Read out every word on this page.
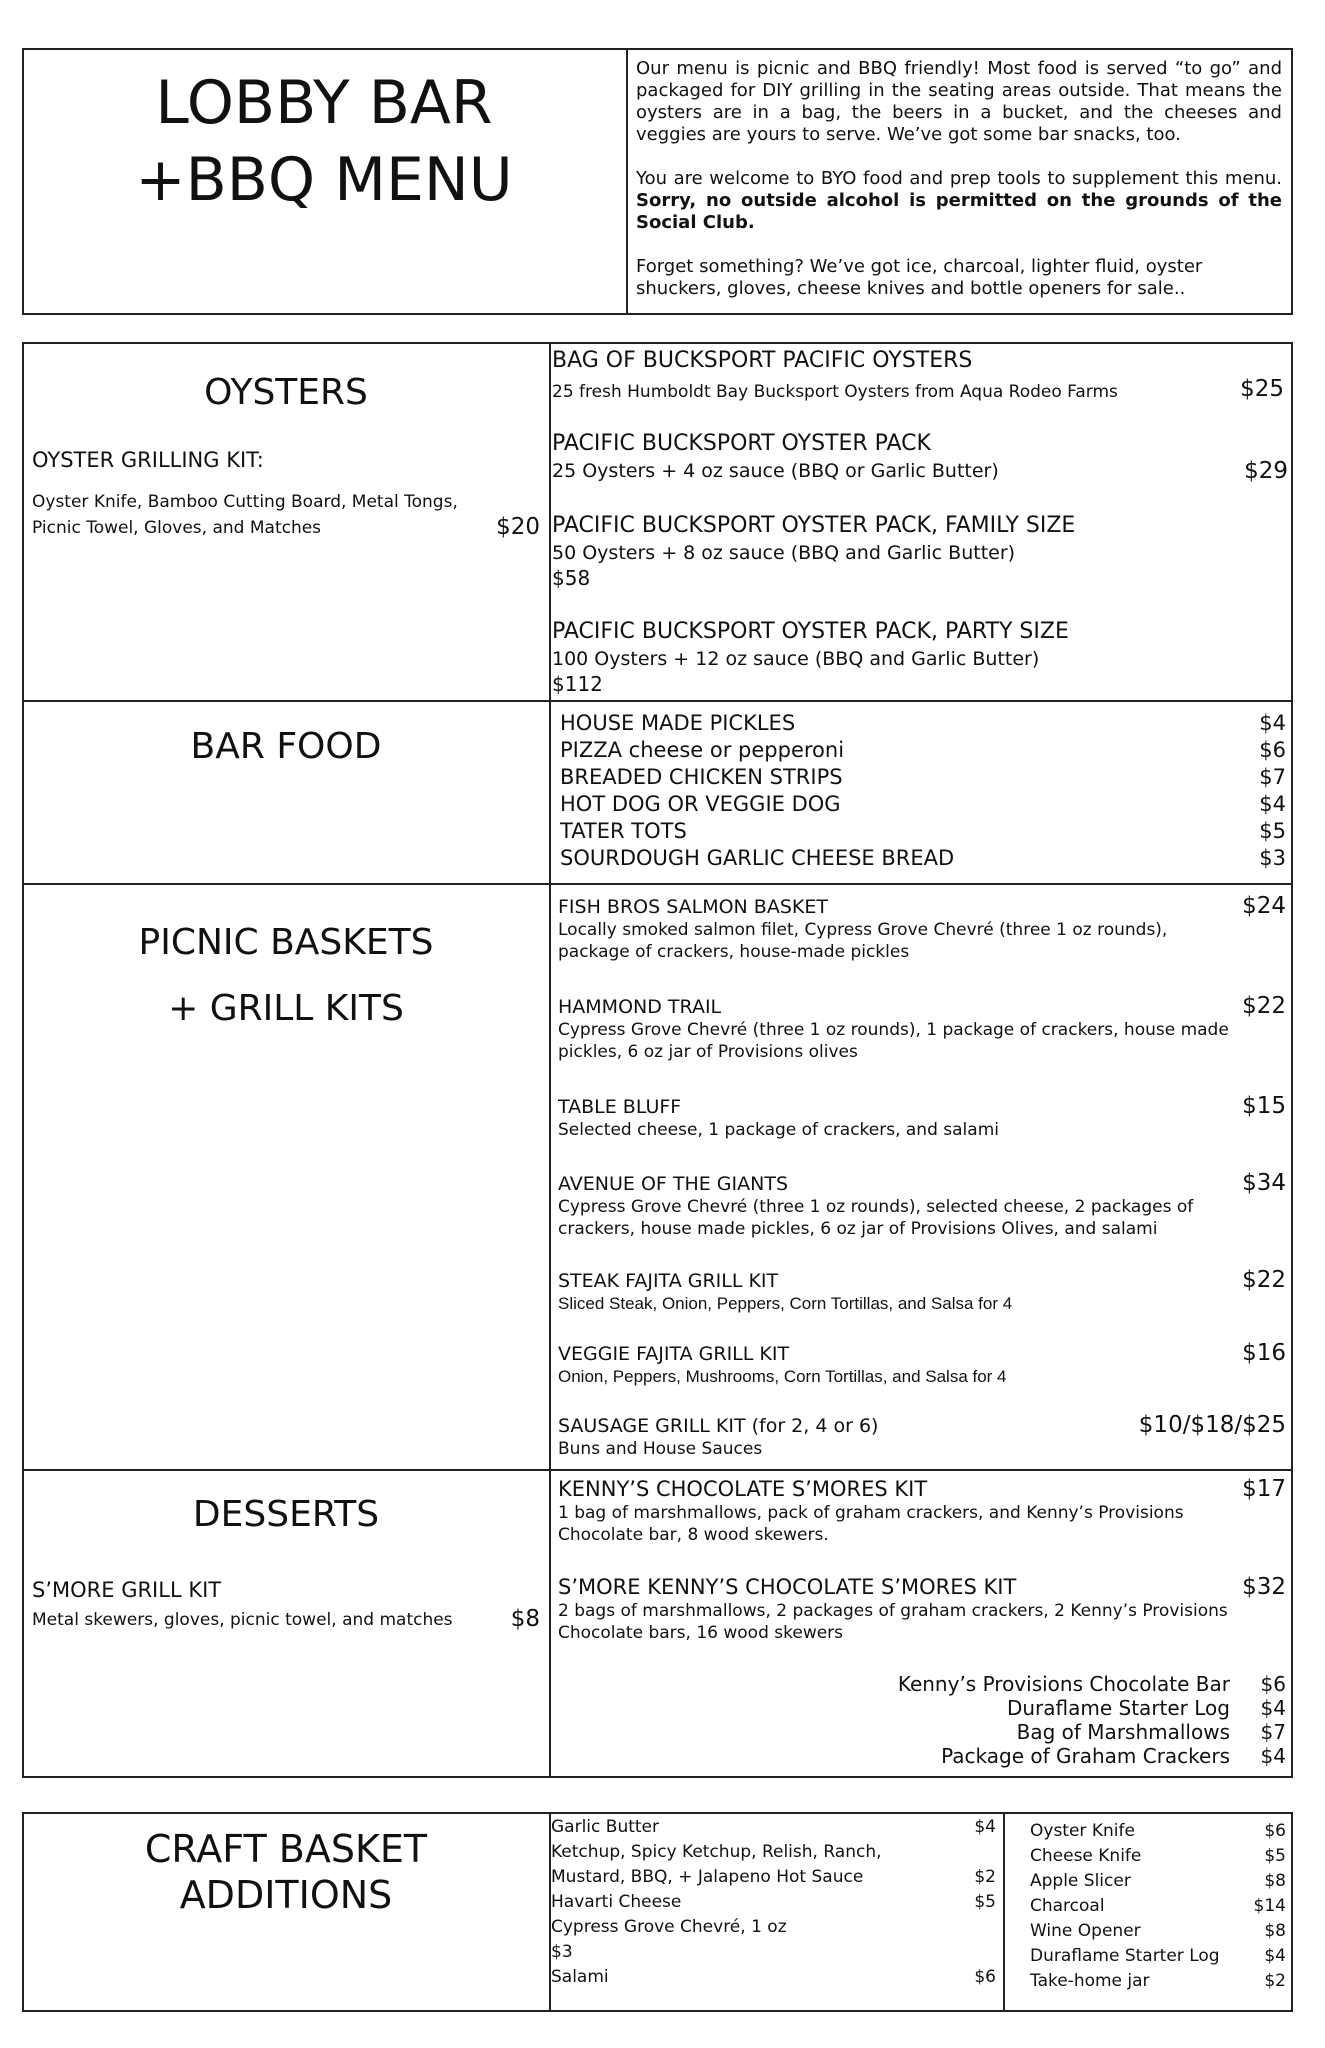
LOBBY BAR
+BBQ MENU

Our menu is picnic and BBQ friendly! Most food is served “to go” and packaged for DIY grilling in the seating areas outside. That means the oysters are in a bag, the beers in a bucket, and the cheeses and veggies are yours to serve. We’ve got some bar snacks, too.

You are welcome to BYO food and prep tools to supplement this menu. Sorry, no outside alcohol is permitted on the grounds of the Social Club.

Forget something? We’ve got ice, charcoal, lighter fluid, oyster shuckers, gloves, cheese knives and bottle openers for sale..

OYSTERS
OYSTER GRILLING KIT:
Oyster Knife, Bamboo Cutting Board, Metal Tongs,
Picnic Towel, Gloves, and Matches	$20
BAG OF BUCKSPORT PACIFIC OYSTERS
25 fresh Humboldt Bay Bucksport Oysters from Aqua Rodeo Farms	$25
PACIFIC BUCKSPORT OYSTER PACK
25 Oysters + 4 oz sauce (BBQ or Garlic Butter)	$29
PACIFIC BUCKSPORT OYSTER PACK, FAMILY SIZE
50 Oysters + 8 oz sauce (BBQ and Garlic Butter)
$58
PACIFIC BUCKSPORT OYSTER PACK, PARTY SIZE
100 Oysters + 12 oz sauce (BBQ and Garlic Butter)
$112
BAR FOOD
HOUSE MADE PICKLES	$4
PIZZA cheese or pepperoni	$6
BREADED CHICKEN STRIPS	$7
HOT DOG OR VEGGIE DOG	$4
TATER TOTS	$5
SOURDOUGH GARLIC CHEESE BREAD	$3
PICNIC BASKETS
+ GRILL KITS
FISH BROS SALMON BASKET	$24
Locally smoked salmon filet, Cypress Grove Chevré (three 1 oz rounds),
package of crackers, house-made pickles
HAMMOND TRAIL	$22
Cypress Grove Chevré (three 1 oz rounds), 1 package of crackers, house made
pickles, 6 oz jar of Provisions olives
TABLE BLUFF	$15
Selected cheese, 1 package of crackers, and salami
AVENUE OF THE GIANTS	$34
Cypress Grove Chevré (three 1 oz rounds), selected cheese, 2 packages of
crackers, house made pickles, 6 oz jar of Provisions Olives, and salami
STEAK FAJITA GRILL KIT	$22
Sliced Steak, Onion, Peppers, Corn Tortillas, and Salsa for 4
VEGGIE FAJITA GRILL KIT	$16
Onion, Peppers, Mushrooms, Corn Tortillas, and Salsa for 4
SAUSAGE GRILL KIT (for 2, 4 or 6)	$10/$18/$25
Buns and House Sauces
DESSERTS
S’MORE GRILL KIT
Metal skewers, gloves, picnic towel, and matches	$8
KENNY’S CHOCOLATE S’MORES KIT	$17
1 bag of marshmallows, pack of graham crackers, and Kenny’s Provisions
Chocolate bar, 8 wood skewers.
S’MORE KENNY’S CHOCOLATE S’MORES KIT	$32
2 bags of marshmallows, 2 packages of graham crackers, 2 Kenny’s Provisions
Chocolate bars, 16 wood skewers
Kenny’s Provisions Chocolate Bar $6
Duraflame Starter Log $4
Bag of Marshmallows $7
Package of Graham Crackers $4
CRAFT BASKET
ADDITIONS
Garlic Butter	$4
Ketchup, Spicy Ketchup, Relish, Ranch,
Mustard, BBQ, + Jalapeno Hot Sauce	$2
Havarti Cheese	$5
Cypress Grove Chevré, 1 oz
$3
Salami	$6
Oyster Knife	$6
Cheese Knife	$5
Apple Slicer	$8
Charcoal	$14
Wine Opener	$8
Duraflame Starter Log	$4
Take-home jar	$2
